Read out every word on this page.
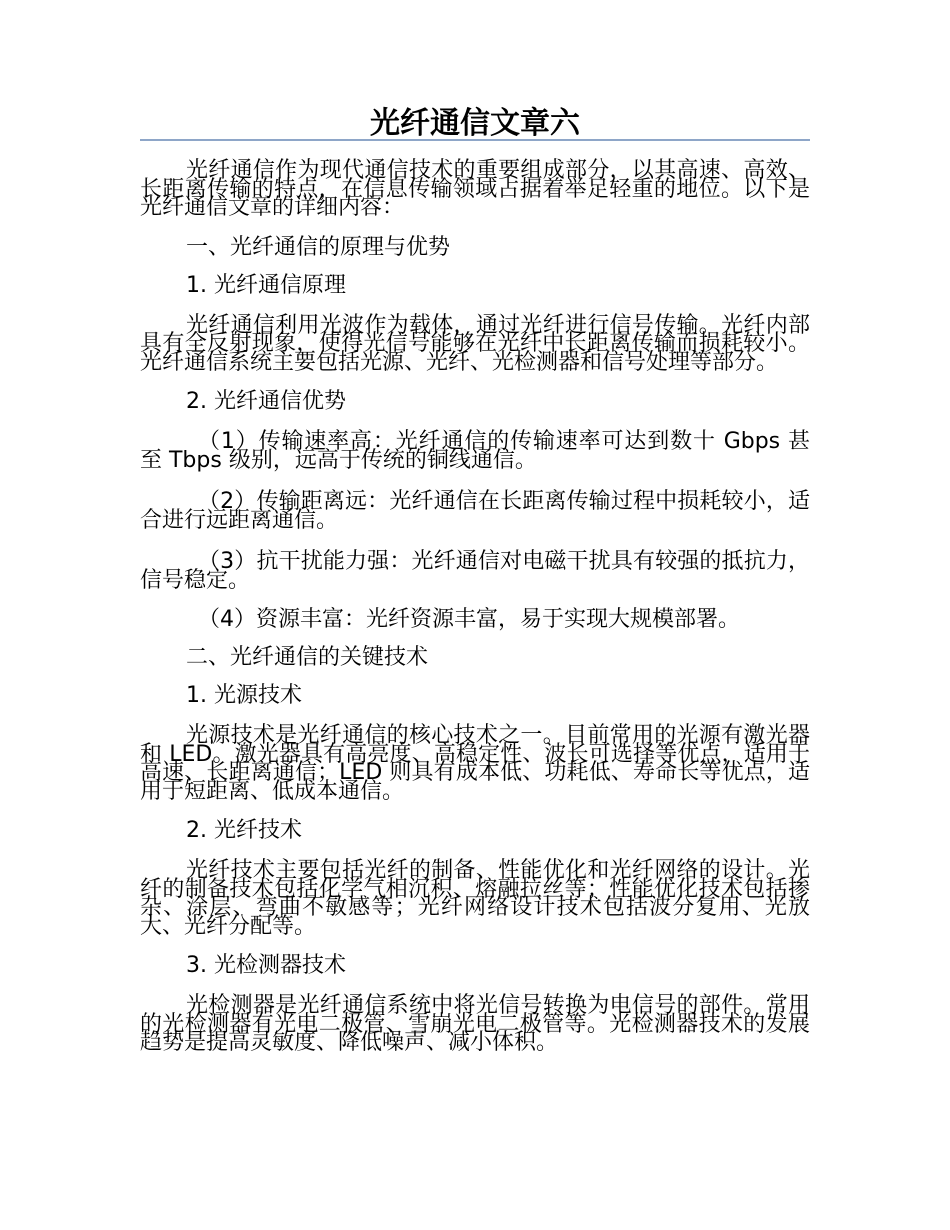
光纤通信文章六

光纤通信作为现代通信技术的重要组成部分，以其高速、高效、长距离传输的特点，在信息传输领域占据着举足轻重的地位。以下是光纤通信文章的详细内容：

一、光纤通信的原理与优势

1. 光纤通信原理

光纤通信利用光波作为载体，通过光纤进行信号传输。光纤内部具有全反射现象，使得光信号能够在光纤中长距离传输而损耗较小。光纤通信系统主要包括光源、光纤、光检测器和信号处理等部分。

2. 光纤通信优势

（1）传输速率高：光纤通信的传输速率可达到数十 Gbps 甚至 Tbps 级别，远高于传统的铜线通信。

（2）传输距离远：光纤通信在长距离传输过程中损耗较小，适合进行远距离通信。

（3）抗干扰能力强：光纤通信对电磁干扰具有较强的抵抗力，信号稳定。

（4）资源丰富：光纤资源丰富，易于实现大规模部署。

二、光纤通信的关键技术

1. 光源技术

光源技术是光纤通信的核心技术之一。目前常用的光源有激光器和 LED。激光器具有高亮度、高稳定性、波长可选择等优点，适用于高速、长距离通信；LED 则具有成本低、功耗低、寿命长等优点，适用于短距离、低成本通信。

2. 光纤技术

光纤技术主要包括光纤的制备、性能优化和光纤网络的设计。光纤的制备技术包括化学气相沉积、熔融拉丝等；性能优化技术包括掺杂、涂层、弯曲不敏感等；光纤网络设计技术包括波分复用、光放大、光纤分配等。

3. 光检测器技术

光检测器是光纤通信系统中将光信号转换为电信号的部件。常用的光检测器有光电二极管、雪崩光电二极管等。光检测器技术的发展趋势是提高灵敏度、降低噪声、减小体积。
